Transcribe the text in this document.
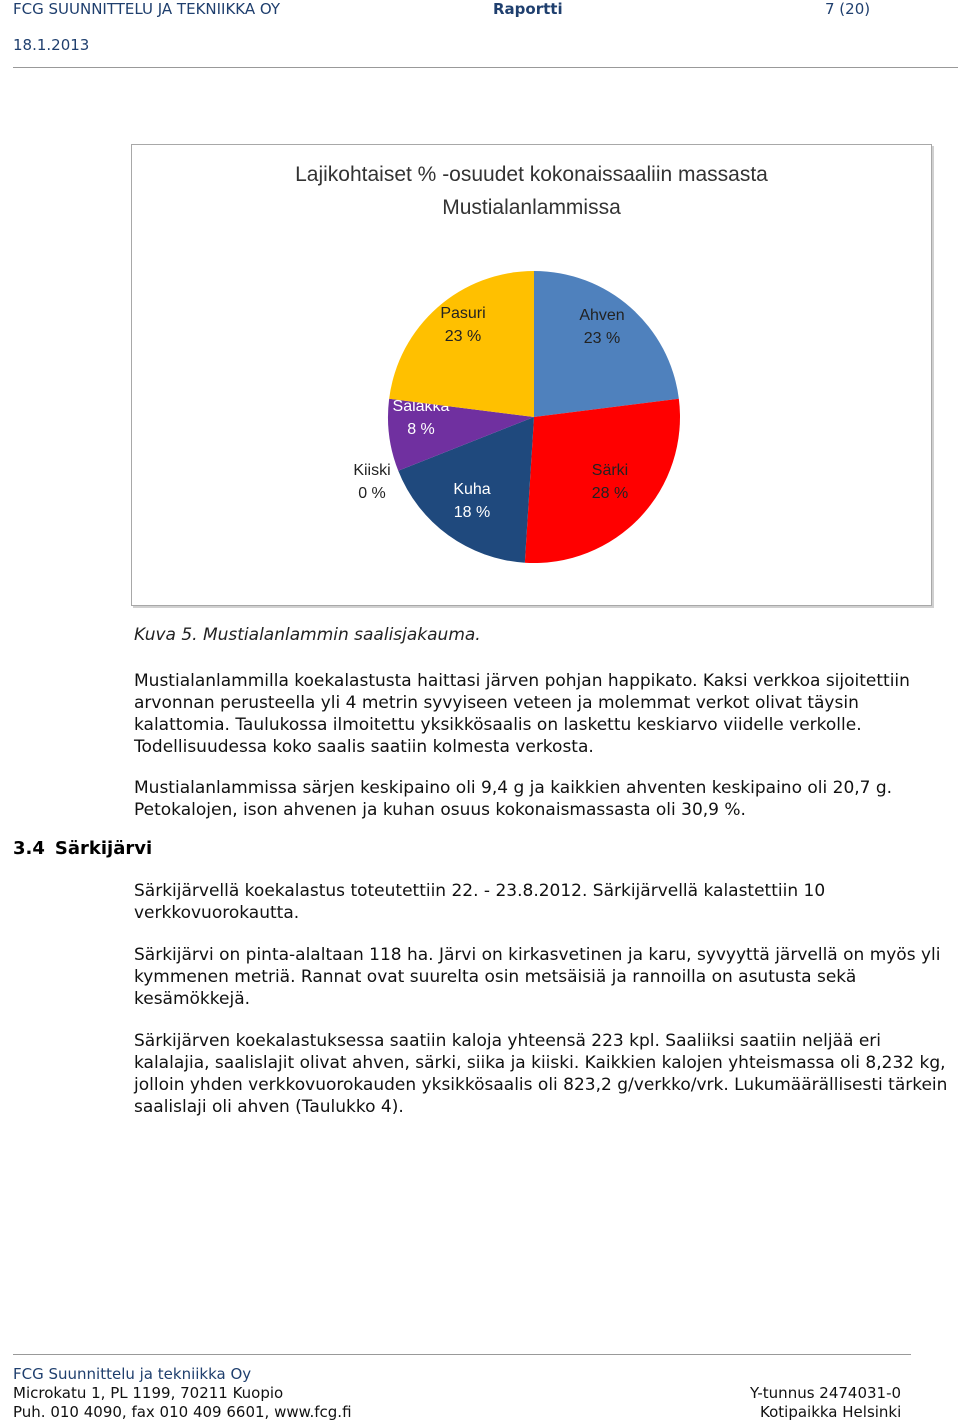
FCG SUUNNITTELU JA TEKNIIKKA OY	Raportti	7 (20)
18.1.2013
Lajikohtaiset % -osuudet kokonaissaaliin massasta
Mustialanlammissa
Ahven
23 %
Särki
28 %
Kuha
18 %
Kiiski
0 %
Salakka
8 %
Pasuri
23 %
Kuva 5. Mustialanlammin saalisjakauma.
Mustialanlammilla koekalastusta haittasi järven pohjan happikato. Kaksi verkkoa sijoitettiin arvonnan perusteella yli 4 metrin syvyiseen veteen ja molemmat verkot olivat täysin kalattomia. Taulukossa ilmoitettu yksikkösaalis on laskettu keskiarvo viidelle verkolle. Todellisuudessa koko saalis saatiin kolmesta verkosta.
Mustialanlammissa särjen keskipaino oli 9,4 g ja kaikkien ahventen keskipaino oli 20,7 g. Petokalojen, ison ahvenen ja kuhan osuus kokonaismassasta oli 30,9 %.
3.4 Särkijärvi
Särkijärvellä koekalastus toteutettiin 22. - 23.8.2012. Särkijärvellä kalastettiin 10 verkkovuorokautta.
Särkijärvi on pinta-alaltaan 118 ha. Järvi on kirkasvetinen ja karu, syvyyttä järvellä on myös yli kymmenen metriä. Rannat ovat suurelta osin metsäisiä ja rannoilla on asutusta sekä kesämökkejä.
Särkijärven koekalastuksessa saatiin kaloja yhteensä 223 kpl. Saaliiksi saatiin neljää eri kalalajia, saalislajit olivat ahven, särki, siika ja kiiski. Kaikkien kalojen yhteismassa oli 8,232 kg, jolloin yhden verkkovuorokauden yksikkösaalis oli 823,2 g/verkko/vrk. Lukumäärällisesti tärkein saalislaji oli ahven (Taulukko 4).
FCG Suunnittelu ja tekniikka Oy
Microkatu 1, PL 1199, 70211 Kuopio
Puh. 010 4090, fax 010 409 6601, www.fcg.fi
Y-tunnus 2474031-0
Kotipaikka Helsinki
